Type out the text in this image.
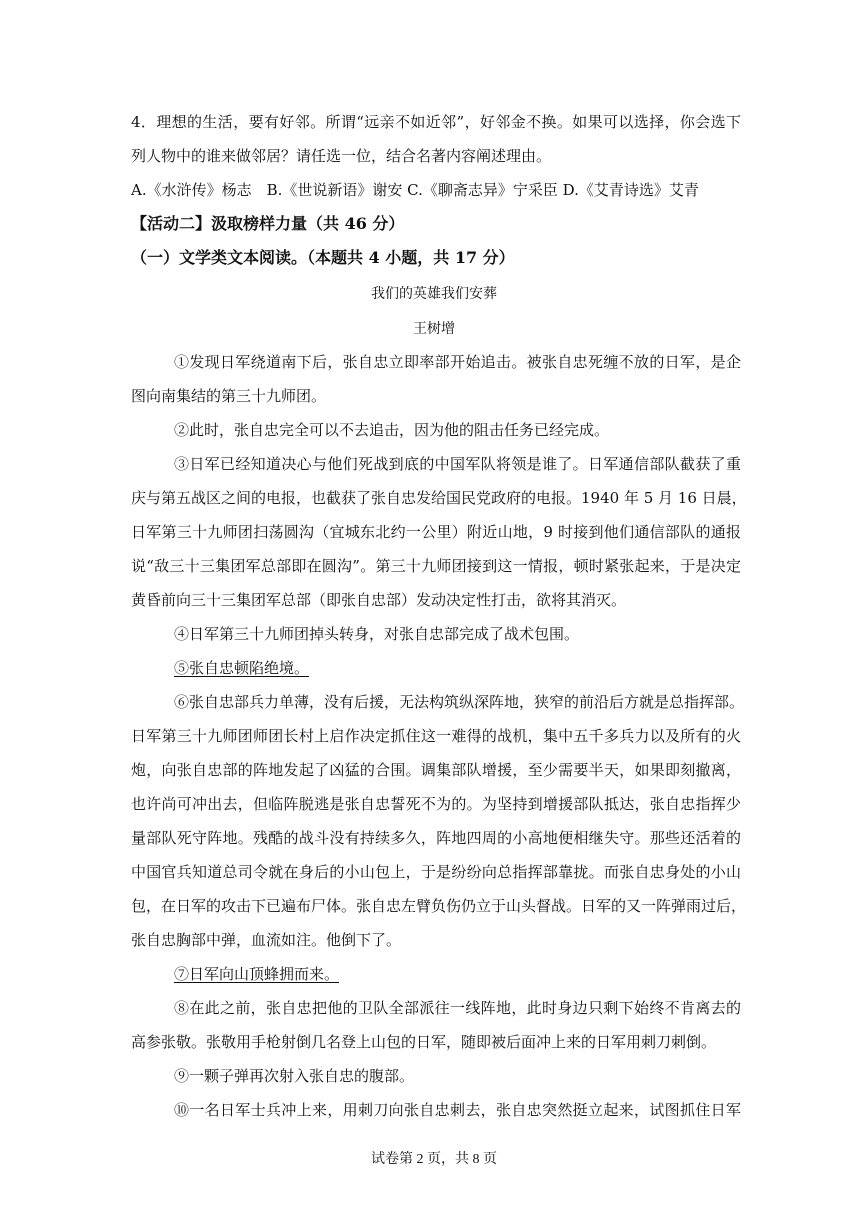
4．理想的生活，要有好邻。所谓“远亲不如近邻”，好邻金不换。如果可以选择，你会选下
列人物中的谁来做邻居？请任选一位，结合名著内容阐述理由。
A.《水浒传》杨志　B.《世说新语》谢安 C.《聊斋志异》宁采臣 D.《艾青诗选》艾青
【活动二】汲取榜样力量（共 46 分）
（一）文学类文本阅读。（本题共 4 小题，共 17 分）
我们的英雄我们安葬
王树增
①发现日军绕道南下后，张自忠立即率部开始追击。被张自忠死缠不放的日军，是企
图向南集结的第三十九师团。
②此时，张自忠完全可以不去追击，因为他的阻击任务已经完成。
③日军已经知道决心与他们死战到底的中国军队将领是谁了。日军通信部队截获了重
庆与第五战区之间的电报，也截获了张自忠发给国民党政府的电报。1940 年 5 月 16 日晨，
日军第三十九师团扫荡圆沟（宜城东北约一公里）附近山地，9 时接到他们通信部队的通报
说“敌三十三集团军总部即在圆沟”。第三十九师团接到这一情报，顿时紧张起来，于是决定
黄昏前向三十三集团军总部（即张自忠部）发动决定性打击，欲将其消灭。
④日军第三十九师团掉头转身，对张自忠部完成了战术包围。
⑤张自忠顿陷绝境。
⑥张自忠部兵力单薄，没有后援，无法构筑纵深阵地，狭窄的前沿后方就是总指挥部。
日军第三十九师团师团长村上启作决定抓住这一难得的战机，集中五千多兵力以及所有的火
炮，向张自忠部的阵地发起了凶猛的合围。调集部队增援，至少需要半天，如果即刻撤离，
也许尚可冲出去，但临阵脱逃是张自忠誓死不为的。为坚持到增援部队抵达，张自忠指挥少
量部队死守阵地。残酷的战斗没有持续多久，阵地四周的小高地便相继失守。那些还活着的
中国官兵知道总司令就在身后的小山包上，于是纷纷向总指挥部靠拢。而张自忠身处的小山
包，在日军的攻击下已遍布尸体。张自忠左臂负伤仍立于山头督战。日军的又一阵弹雨过后，
张自忠胸部中弹，血流如注。他倒下了。
⑦日军向山顶蜂拥而来。
⑧在此之前，张自忠把他的卫队全部派往一线阵地，此时身边只剩下始终不肯离去的
高参张敬。张敬用手枪射倒几名登上山包的日军，随即被后面冲上来的日军用刺刀刺倒。
⑨一颗子弹再次射入张自忠的腹部。
⑩一名日军士兵冲上来，用刺刀向张自忠刺去，张自忠突然挺立起来，试图抓住日军
试卷第 2 页，共 8 页
